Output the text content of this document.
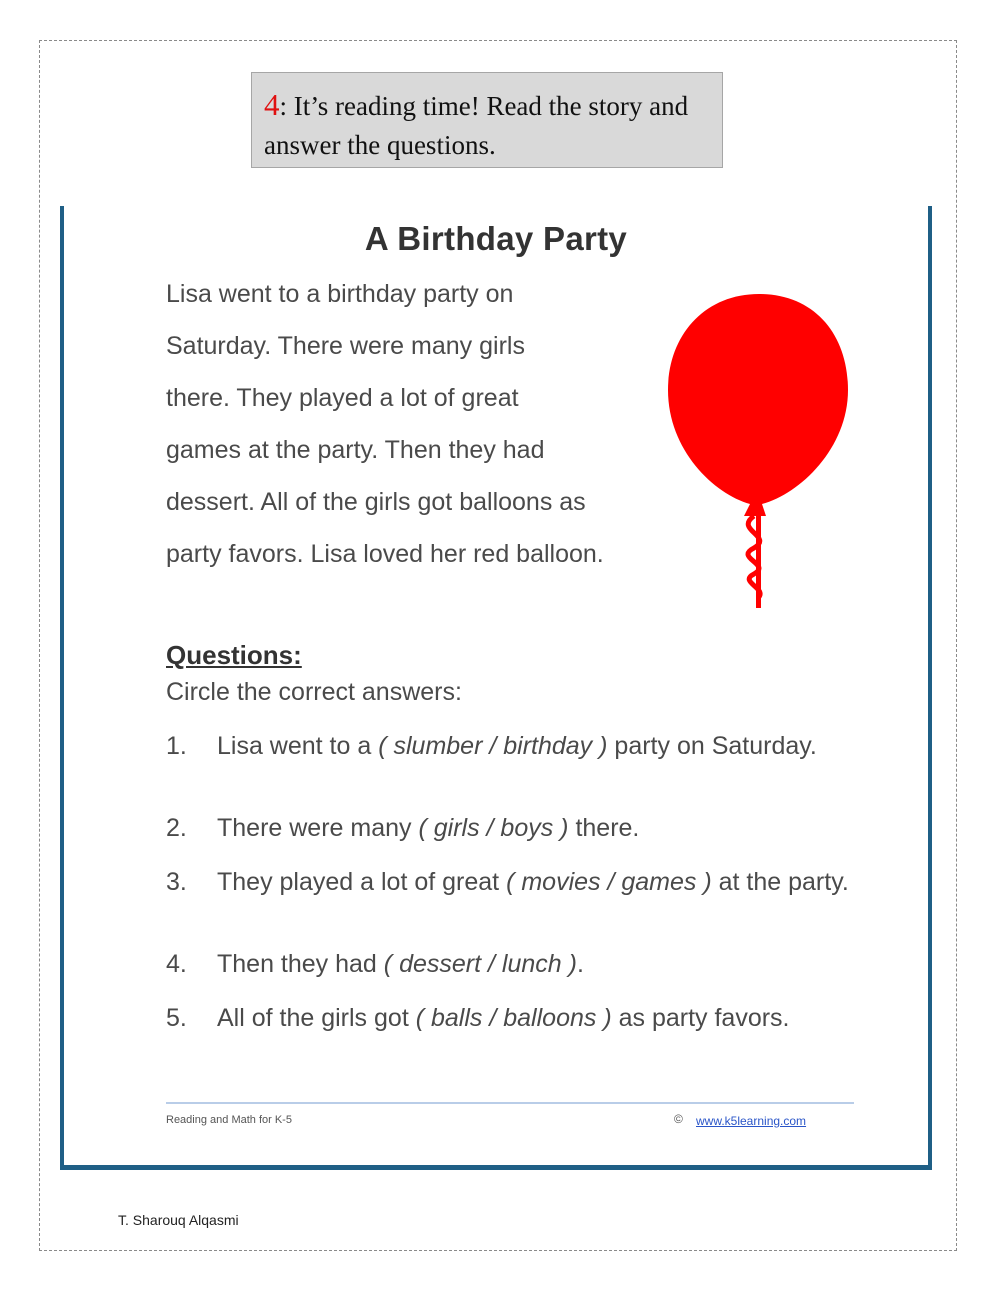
4: It’s reading time! Read the story and answer the questions.
A Birthday Party
Lisa went to a birthday party on
Saturday. There were many girls
there. They played a lot of great
games at the party. Then they had
dessert. All of the girls got balloons as
party favors. Lisa loved her red balloon.
Questions:
Circle the correct answers:
1. Lisa went to a ( slumber / birthday ) party on Saturday.
2. There were many ( girls / boys ) there.
3. They played a lot of great ( movies / games ) at the party.
4. Then they had ( dessert / lunch ).
5. All of the girls got ( balls / balloons ) as party favors.
Reading and Math for K-5	© www.k5learning.com
T. Sharouq Alqasmi
